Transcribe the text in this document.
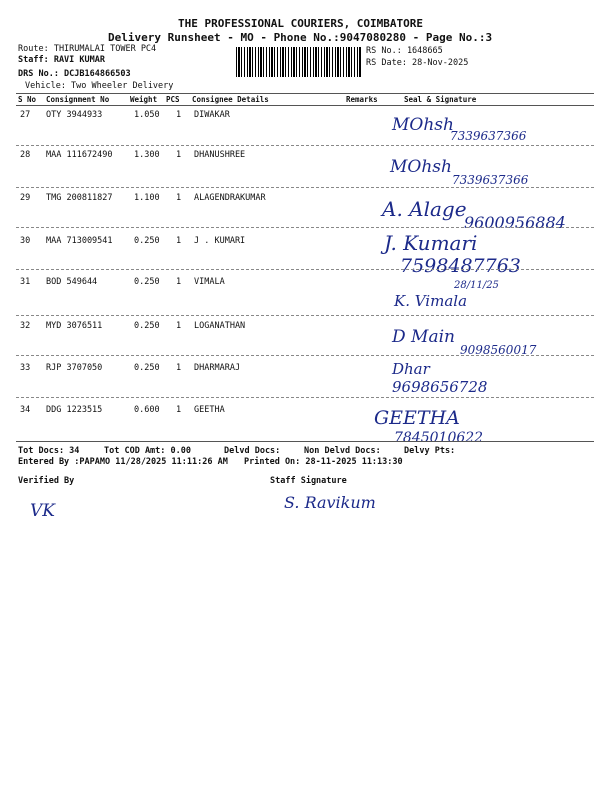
THE PROFESSIONAL COURIERS, COIMBATORE
Delivery Runsheet - MO - Phone No.:9047080280 - Page No.:3
Route: THIRUMALAI TOWER PC4
Staff: RAVI KUMAR
DRS No.: DCJB164866503
Vehicle: Two Wheeler Delivery
RS No.: 1648665
RS Date: 28-Nov-2025
S No Consignment No	Weight PCS Consignee Details	Remarks	Seal & Signature
27 OTY 3944933	1.050 1 DIWAKAR	MOhsh
7339637366
28 MAA 111672490	1.300 1 DHANUSHREE
MOhsh
7339637366
29 TMG 200811827	1.100 1 ALAGENDRAKUMAR	A. Alage
9600956884
30 MAA 713009541	0.250 1 J . KUMARI	J. Kumari
7598487763
31 BOD 549644	0.250 1 VIMALA
K. Vimala
28/11/25
32 MYD 3076511	0.250 1 LOGANATHAN
D Main
9098560017
33 RJP 3707050	0.250 1 DHARMARAJ	Dhar
9698656728
34 DDG 1223515	0.600 1 GEETHA	GEETHA
7845010622
Tot Docs: 34	Tot COD Amt: 0.00	Delvd Docs:	Non Delvd Docs:	Delvy Pts:
Entered By :PAPAMO 11/28/2025 11:11:26 AM Printed On: 28-11-2025 11:13:30
Verified By	Staff Signature
VK	S. Ravikum
